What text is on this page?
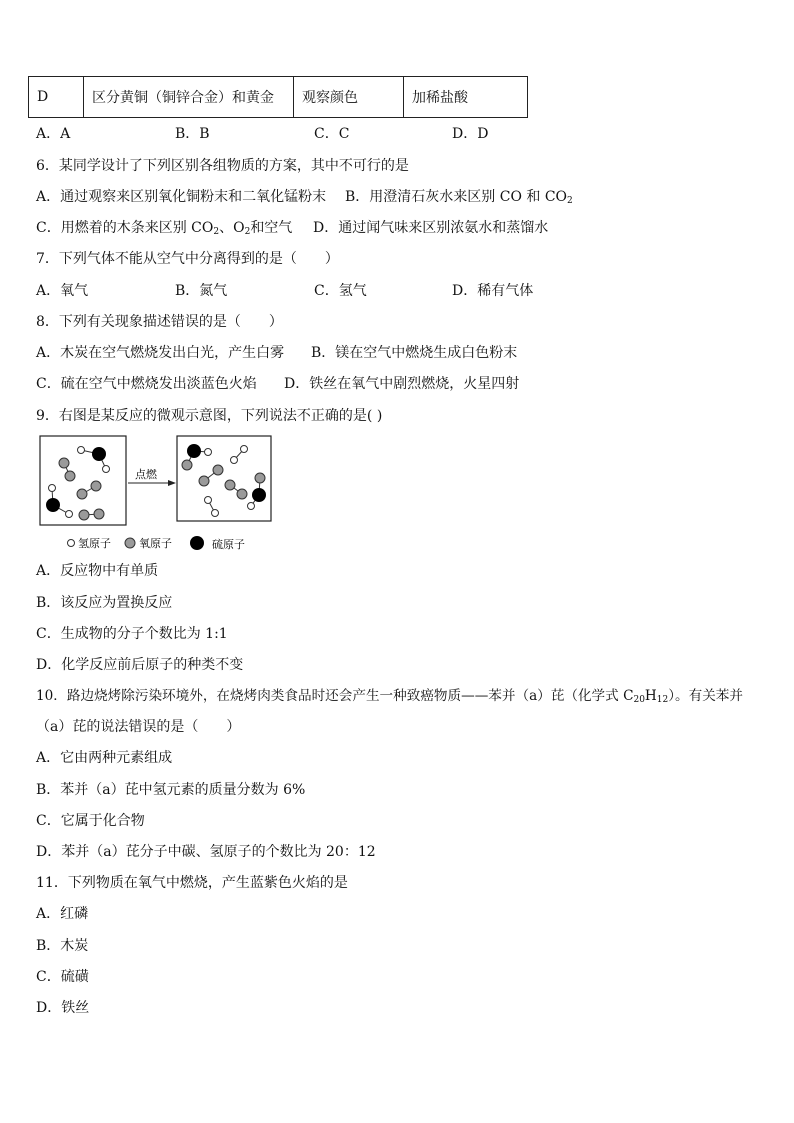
D	区分黄铜（铜锌合金）和黄金	观察颜色	加稀盐酸
A．A	B．B	C．C	D．D
6．某同学设计了下列区别各组物质的方案，其中不可行的是
A．通过观察来区别氧化铜粉末和二氧化锰粉末 B．用澄清石灰水来区别 CO 和 $CO_2$
C．用燃着的木条来区别 $CO_2$、$O_2$和空气 D．通过闻气味来区别浓氨水和蒸馏水
7．下列气体不能从空气中分离得到的是（　　）
A．氧气	B．氮气	C．氢气	D．稀有气体
8．下列有关现象描述错误的是（　　）
A．木炭在空气燃烧发出白光，产生白雾 B．镁在空气中燃烧生成白色粉末
C．硫在空气中燃烧发出淡蓝色火焰 D．铁丝在氧气中剧烈燃烧，火星四射
9．右图是某反应的微观示意图，下列说法不正确的是( )
点燃
氢原子	氧原子	硫原子
A．反应物中有单质
B．该反应为置换反应
C．生成物的分子个数比为 1:1
D．化学反应前后原子的种类不变
10．路边烧烤除污染环境外，在烧烤肉类食品时还会产生一种致癌物质——苯并（a）芘（化学式 $C_{20}H_{12}$）。有关苯并
（a）芘的说法错误的是（　　）
A．它由两种元素组成
B．苯并（a）芘中氢元素的质量分数为 6%
C．它属于化合物
D．苯并（a）芘分子中碳、氢原子的个数比为 20：12
11．下列物质在氧气中燃烧，产生蓝紫色火焰的是
A．红磷
B．木炭
C．硫磺
D．铁丝
